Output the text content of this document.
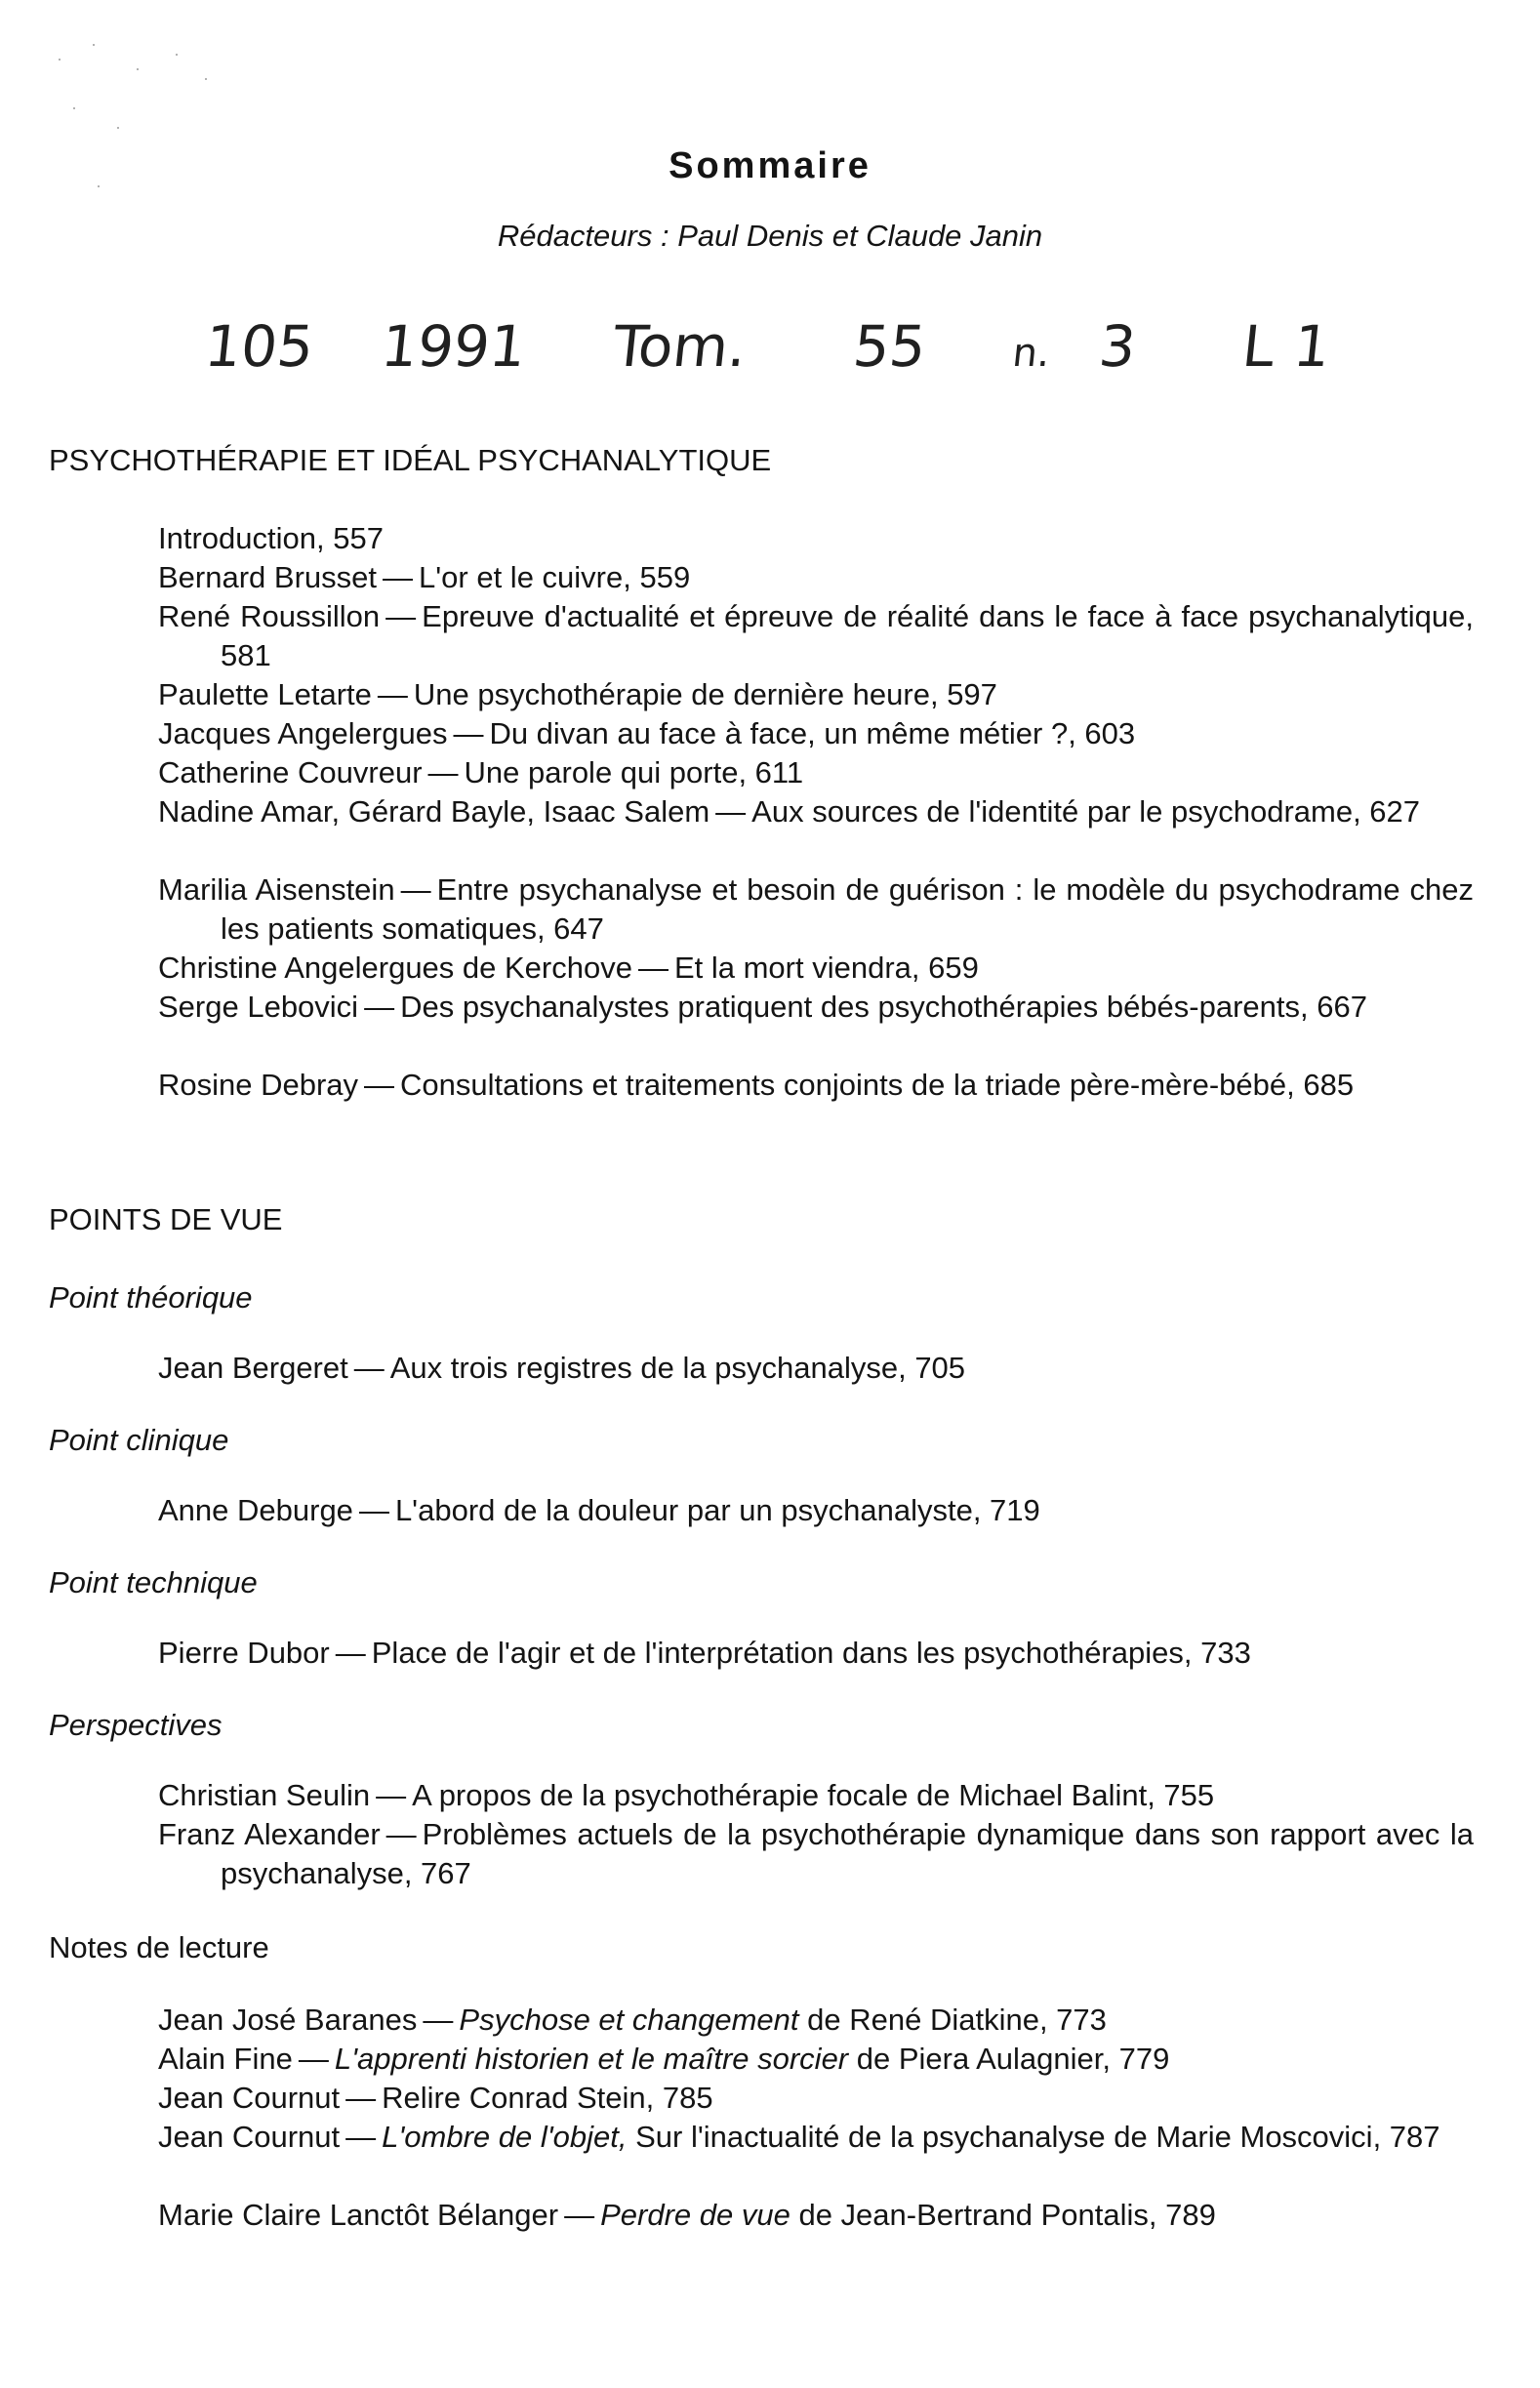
Sommaire
Rédacteurs : Paul Denis et Claude Janin
105 1991 Tom. 55 n. 3 L 1
PSYCHOTHÉRAPIE ET IDÉAL PSYCHANALYTIQUE
Introduction, 557
Bernard Brusset — L'or et le cuivre, 559
René Roussillon — Epreuve d'actualité et épreuve de réalité dans le face à face psychanalytique, 581
Paulette Letarte — Une psychothérapie de dernière heure, 597
Jacques Angelergues — Du divan au face à face, un même métier ?, 603
Catherine Couvreur — Une parole qui porte, 611
Nadine Amar, Gérard Bayle, Isaac Salem — Aux sources de l'identité par le psychodrame, 627
Marilia Aisenstein — Entre psychanalyse et besoin de guérison : le modèle du psychodrame chez les patients somatiques, 647
Christine Angelergues de Kerchove — Et la mort viendra, 659
Serge Lebovici — Des psychanalystes pratiquent des psychothérapies bébés-parents, 667
Rosine Debray — Consultations et traitements conjoints de la triade père-mère-bébé, 685
POINTS DE VUE
Point théorique
Jean Bergeret — Aux trois registres de la psychanalyse, 705
Point clinique
Anne Deburge — L'abord de la douleur par un psychanalyste, 719
Point technique
Pierre Dubor — Place de l'agir et de l'interprétation dans les psychothérapies, 733
Perspectives
Christian Seulin — A propos de la psychothérapie focale de Michael Balint, 755
Franz Alexander — Problèmes actuels de la psychothérapie dynamique dans son rapport avec la psychanalyse, 767
Notes de lecture
Jean José Baranes — Psychose et changement de René Diatkine, 773
Alain Fine — L'apprenti historien et le maître sorcier de Piera Aulagnier, 779
Jean Cournut — Relire Conrad Stein, 785
Jean Cournut — L'ombre de l'objet, Sur l'inactualité de la psychanalyse de Marie Moscovici, 787
Marie Claire Lanctôt Bélanger — Perdre de vue de Jean-Bertrand Pontalis, 789
